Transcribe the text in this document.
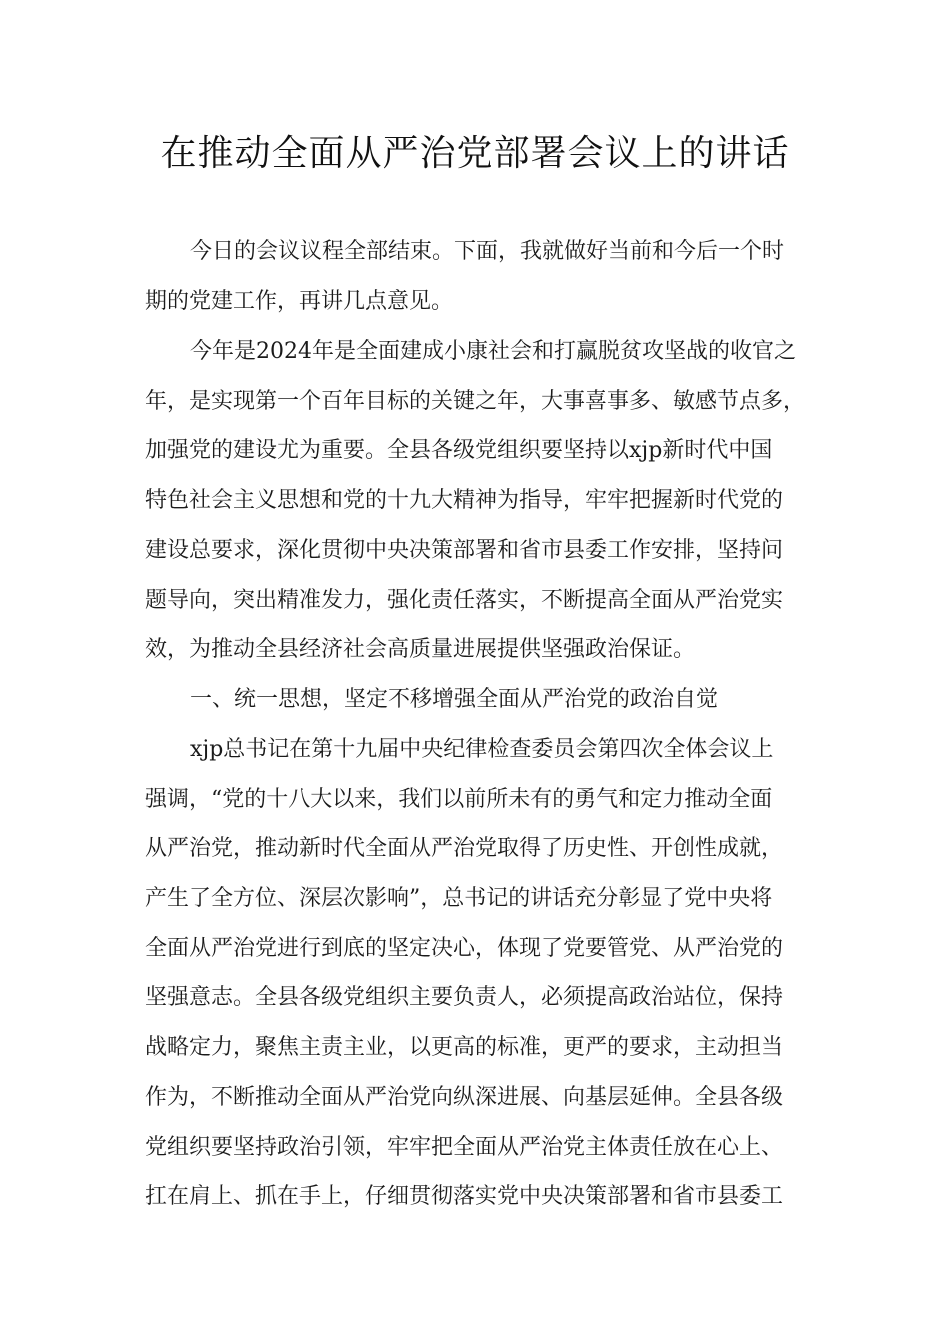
在推动全面从严治党部署会议上的讲话
今日的会议议程全部结束。下面，我就做好当前和今后一个时
期的党建工作，再讲几点意见。
今年是2024年是全面建成小康社会和打赢脱贫攻坚战的收官之
年，是实现第一个百年目标的关键之年，大事喜事多、敏感节点多，
加强党的建设尤为重要。全县各级党组织要坚持以xjp新时代中国
特色社会主义思想和党的十九大精神为指导，牢牢把握新时代党的
建设总要求，深化贯彻中央决策部署和省市县委工作安排，坚持问
题导向，突出精准发力，强化责任落实，不断提高全面从严治党实
效，为推动全县经济社会高质量进展提供坚强政治保证。
一、统一思想，坚定不移增强全面从严治党的政治自觉
xjp总书记在第十九届中央纪律检查委员会第四次全体会议上
强调，“党的十八大以来，我们以前所未有的勇气和定力推动全面
从严治党，推动新时代全面从严治党取得了历史性、开创性成就，
产生了全方位、深层次影响”，总书记的讲话充分彰显了党中央将
全面从严治党进行到底的坚定决心，体现了党要管党、从严治党的
坚强意志。全县各级党组织主要负责人，必须提高政治站位，保持
战略定力，聚焦主责主业，以更高的标准，更严的要求，主动担当
作为，不断推动全面从严治党向纵深进展、向基层延伸。全县各级
党组织要坚持政治引领，牢牢把全面从严治党主体责任放在心上、
扛在肩上、抓在手上，仔细贯彻落实党中央决策部署和省市县委工
